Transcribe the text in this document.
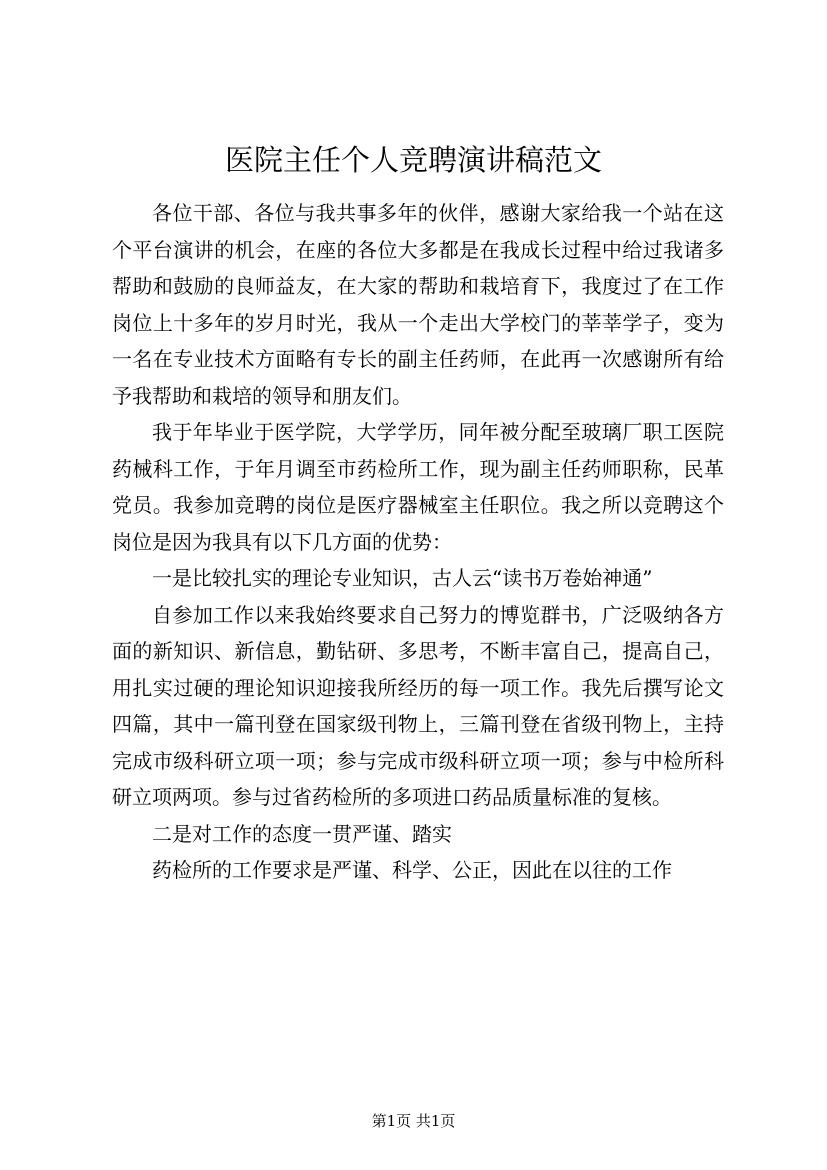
医院主任个人竞聘演讲稿范文

各位干部、各位与我共事多年的伙伴，感谢大家给我一个站在这个平台演讲的机会，在座的各位大多都是在我成长过程中给过我诸多帮助和鼓励的良师益友，在大家的帮助和栽培育下，我度过了在工作岗位上十多年的岁月时光，我从一个走出大学校门的莘莘学子，变为一名在专业技术方面略有专长的副主任药师，在此再一次感谢所有给予我帮助和栽培的领导和朋友们。

我于年毕业于医学院，大学学历，同年被分配至玻璃厂职工医院药械科工作，于年月调至市药检所工作，现为副主任药师职称，民革党员。我参加竞聘的岗位是医疗器械室主任职位。我之所以竞聘这个岗位是因为我具有以下几方面的优势：

一是比较扎实的理论专业知识，古人云“读书万卷始神通”

自参加工作以来我始终要求自己努力的博览群书，广泛吸纳各方面的新知识、新信息，勤钻研、多思考，不断丰富自己，提高自己，用扎实过硬的理论知识迎接我所经历的每一项工作。我先后撰写论文四篇，其中一篇刊登在国家级刊物上，三篇刊登在省级刊物上，主持完成市级科研立项一项；参与完成市级科研立项一项；参与中检所科研立项两项。参与过省药检所的多项进口药品质量标准的复核。

二是对工作的态度一贯严谨、踏实

药检所的工作要求是严谨、科学、公正，因此在以往的工作

第1页 共1页
